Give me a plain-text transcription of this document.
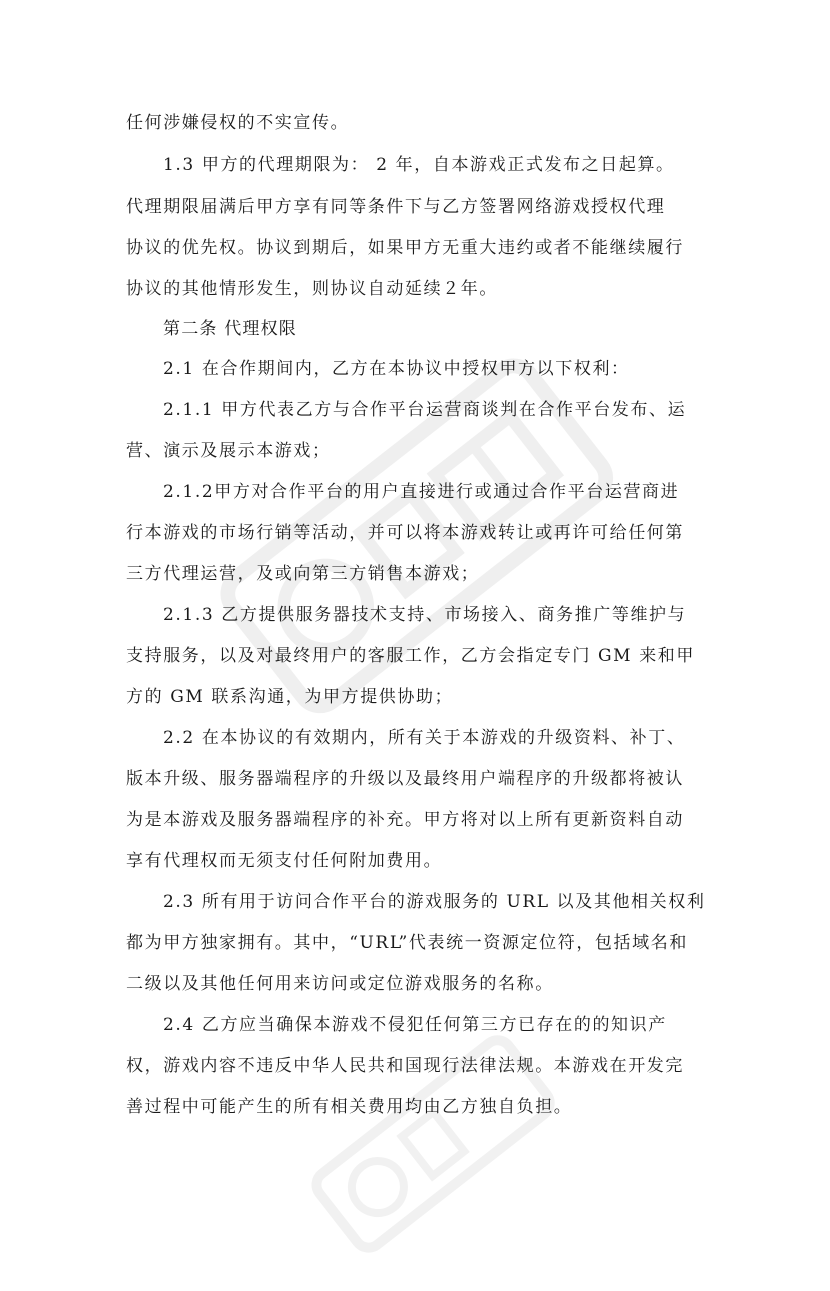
任何涉嫌侵权的不实宣传。
1.3 甲方的代理期限为： 2 年，自本游戏正式发布之日起算。
代理期限届满后甲方享有同等条件下与乙方签署网络游戏授权代理
协议的优先权。协议到期后，如果甲方无重大违约或者不能继续履行
协议的其他情形发生，则协议自动延续２年。
第二条 代理权限
2.1 在合作期间内，乙方在本协议中授权甲方以下权利：
2.1.1 甲方代表乙方与合作平台运营商谈判在合作平台发布、运
营、演示及展示本游戏；
2.1.2甲方对合作平台的用户直接进行或通过合作平台运营商进
行本游戏的市场行销等活动，并可以将本游戏转让或再许可给任何第
三方代理运营，及或向第三方销售本游戏；
2.1.3 乙方提供服务器技术支持、市场接入、商务推广等维护与
支持服务，以及对最终用户的客服工作，乙方会指定专门 GM 来和甲
方的 GM 联系沟通，为甲方提供协助；
2.2 在本协议的有效期内，所有关于本游戏的升级资料、补丁、
版本升级、服务器端程序的升级以及最终用户端程序的升级都将被认
为是本游戏及服务器端程序的补充。甲方将对以上所有更新资料自动
享有代理权而无须支付任何附加费用。
2.3 所有用于访问合作平台的游戏服务的 URL 以及其他相关权利
都为甲方独家拥有。其中，“URL”代表统一资源定位符，包括域名和
二级以及其他任何用来访问或定位游戏服务的名称。
2.4 乙方应当确保本游戏不侵犯任何第三方已存在的的知识产
权，游戏内容不违反中华人民共和国现行法律法规。本游戏在开发完
善过程中可能产生的所有相关费用均由乙方独自负担。
